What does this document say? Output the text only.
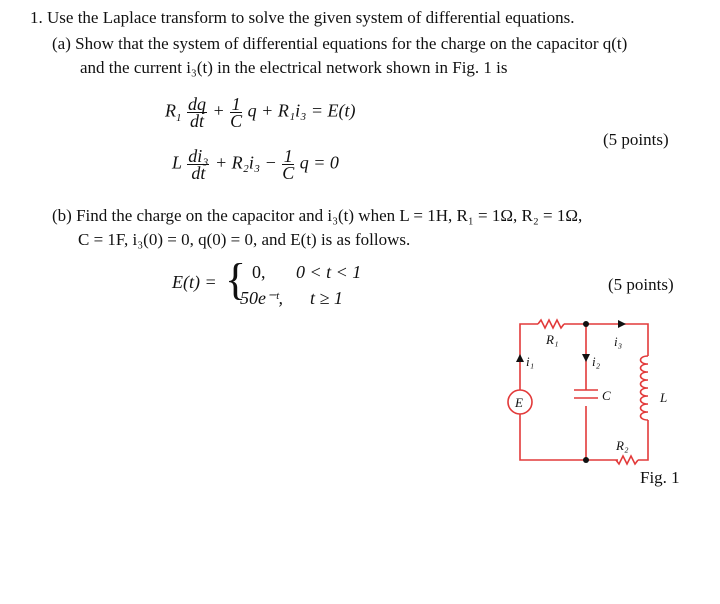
1. Use the Laplace transform to solve the given system of differential equations.
(a) Show that the system of differential equations for the charge on the capacitor q(t)
and the current i₃(t) in the electrical network shown in Fig. 1 is
$R_1 \frac{dq}{dt} + \frac{1}{C}$ q + R₁i₃ = E(t)
L $\frac{\text{di₃}}{dt} + R_2i_3 - \frac{1}{C}$ q = 0
(5 points)
(b) Find the charge on the capacitor and i₃(t) when L = 1H, R₁ = 1Ω, R₂ = 1Ω,
C = 1F, i₃(0) = 0, q(0) = 0, and E(t) is as follows.
E(t) = { 0, 0 < t < 1
50e⁻ᵗ, t ≥ 1
(5 points)
R₁	i₃
i₁	i₂
E	C	L
R₂
Fig. 1
